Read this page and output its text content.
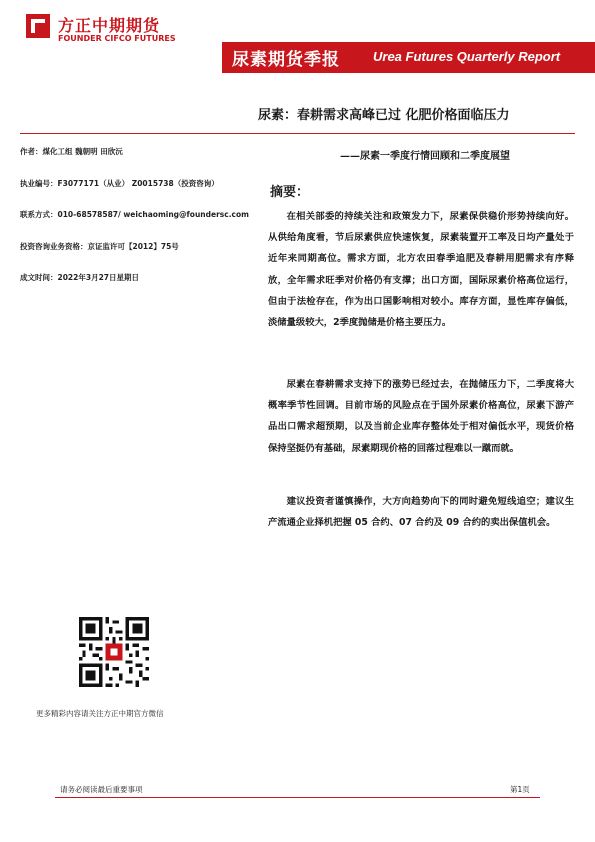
方正中期期货
FOUNDER CIFCO FUTURES
尿素期货季报	Urea Futures Quarterly Report
尿素：春耕需求高峰已过 化肥价格面临压力
——尿素一季度行情回顾和二季度展望
作者：煤化工组 魏朝明 田欣沅
执业编号：F3077171（从业） Z0015738（投资咨询）
联系方式：010-68578587/ weichaoming@foundersc.com
投资咨询业务资格：京证监许可【2012】75号
成文时间：2022年3月27日星期日
摘要：

在相关部委的持续关注和政策发力下，尿素保供稳价形势持续向好。从供给角度看，节后尿素供应快速恢复，尿素装置开工率及日均产量处于近年来同期高位。需求方面，北方农田春季追肥及春耕用肥需求有序释放，全年需求旺季对价格仍有支撑；出口方面，国际尿素价格高位运行，但由于法检存在，作为出口国影响相对较小。库存方面，显性库存偏低，淡储量级较大，2季度抛储是价格主要压力。

尿素在春耕需求支持下的涨势已经过去，在抛储压力下，二季度将大概率季节性回调。目前市场的风险点在于国外尿素价格高位，尿素下游产品出口需求超预期，以及当前企业库存整体处于相对偏低水平，现货价格保持坚挺仍有基础，尿素期现价格的回落过程难以一蹴而就。

建议投资者谨慎操作，大方向趋势向下的同时避免短线追空；建议生产流通企业择机把握 05 合约、07 合约及 09 合约的卖出保值机会。

更多精彩内容请关注方正中期官方微信
请务必阅读最后重要事项	第1页
